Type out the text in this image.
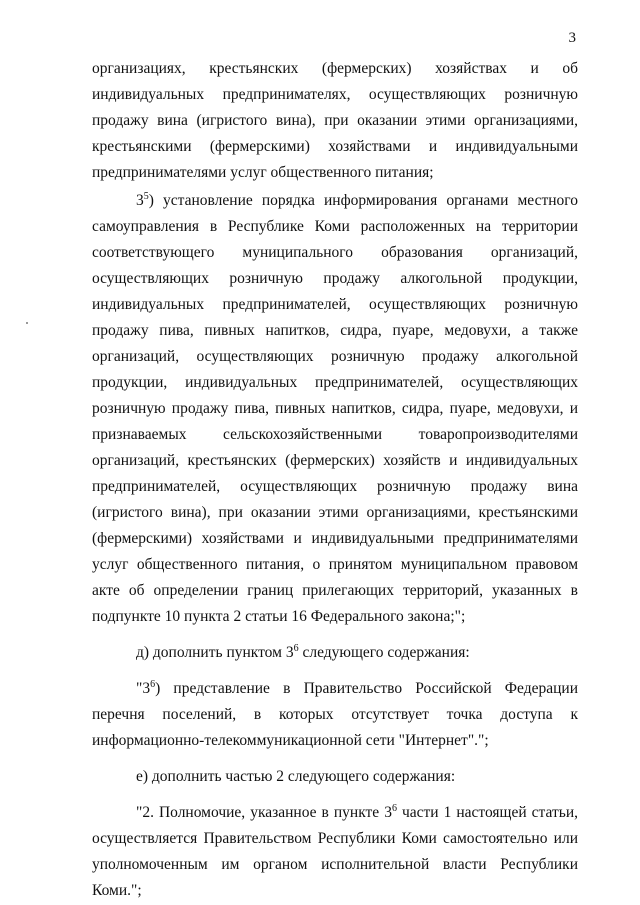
3

организациях, крестьянских (фермерских) хозяйствах и об индивидуальных предпринимателях, осуществляющих розничную продажу вина (игристого вина), при оказании этими организациями, крестьянскими (фермерскими) хозяйствами и индивидуальными предпринимателями услуг общественного питания;

$3^5$) установление порядка информирования органами местного самоуправления в Республике Коми расположенных на территории соответствующего муниципального образования организаций, осуществляющих розничную продажу алкогольной продукции, индивидуальных предпринимателей, осуществляющих розничную продажу пива, пивных напитков, сидра, пуаре, медовухи, а также организаций, осуществляющих розничную продажу алкогольной продукции, индивидуальных предпринимателей, осуществляющих розничную продажу пива, пивных напитков, сидра, пуаре, медовухи, и признаваемых сельскохозяйственными товаропроизводителями организаций, крестьянских (фермерских) хозяйств и индивидуальных предпринимателей, осуществляющих розничную продажу вина (игристого вина), при оказании этими организациями, крестьянскими (фермерскими) хозяйствами и индивидуальными предпринимателями услуг общественного питания, о принятом муниципальном правовом акте об определении границ прилегающих территорий, указанных в подпункте 10 пункта 2 статьи 16 Федерального закона;";

д) дополнить пунктом $3^6$ следующего содержания:

"$3^6$) представление в Правительство Российской Федерации перечня поселений, в которых отсутствует точка доступа к информационно-телекоммуникационной сети "Интернет".";

е) дополнить частью 2 следующего содержания:

"2. Полномочие, указанное в пункте $3^6$ части 1 настоящей статьи, осуществляется Правительством Республики Коми самостоятельно или уполномоченным им органом исполнительной власти Республики Коми.";
